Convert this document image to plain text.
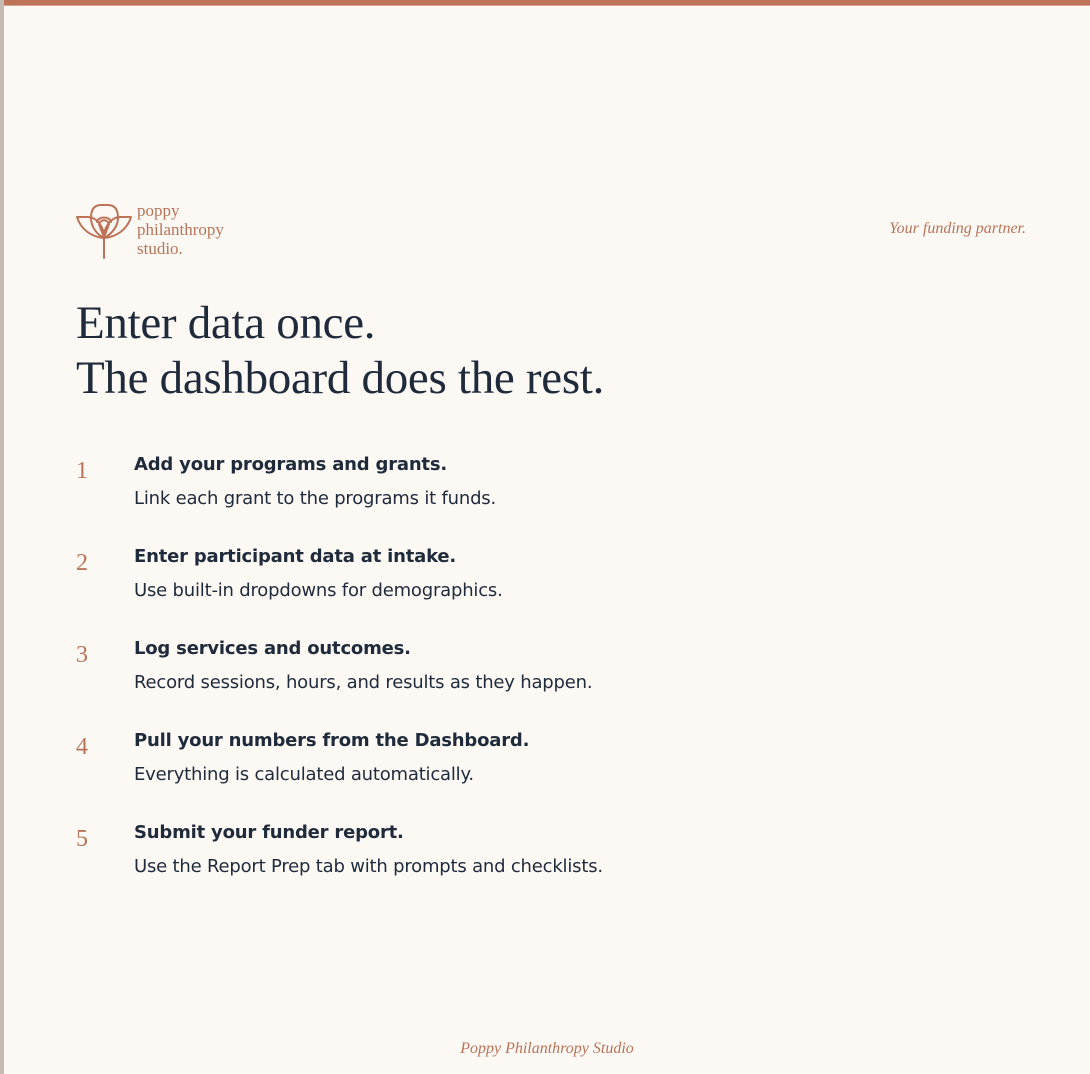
poppy
philanthropy
studio.
Your funding partner.
Enter data once.
The dashboard does the rest.
1	Add your programs and grants.
Link each grant to the programs it funds.
2	Enter participant data at intake.
Use built-in dropdowns for demographics.
3	Log services and outcomes.
Record sessions, hours, and results as they happen.
4	Pull your numbers from the Dashboard.
Everything is calculated automatically.
5	Submit your funder report.
Use the Report Prep tab with prompts and checklists.
Poppy Philanthropy Studio
